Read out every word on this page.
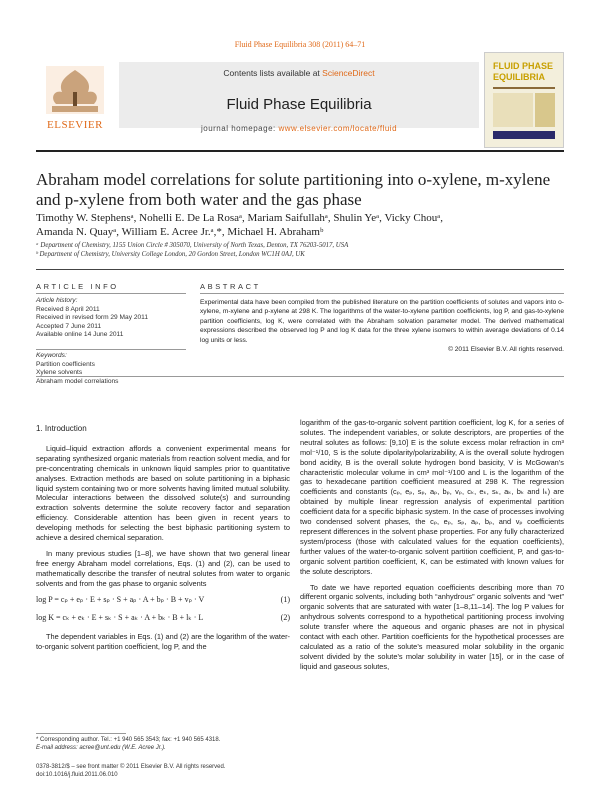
Fluid Phase Equilibria 308 (2011) 64–71
ELSEVIER
Contents lists available at ScienceDirect
Fluid Phase Equilibria
journal homepage: www.elsevier.com/locate/fluid
FLUID PHASE
EQUILIBRIA
Abraham model correlations for solute partitioning into o-xylene, m-xylene and p-xylene from both water and the gas phase
Timothy W. Stephensᵃ, Nohelli E. De La Rosaᵃ, Mariam Saifullahᵃ, Shulin Yeᵃ, Vicky Chouᵃ,
Amanda N. Quayᵃ, William E. Acree Jr.ᵃ,*, Michael H. Abrahamᵇ
ᵃ Department of Chemistry, 1155 Union Circle # 305070, University of North Texas, Denton, TX 76203-5017, USA
ᵇ Department of Chemistry, University College London, 20 Gordon Street, London WC1H 0AJ, UK
ARTICLE INFO
Article history:
Received 8 April 2011
Received in revised form 29 May 2011
Accepted 7 June 2011
Available online 14 June 2011
Keywords:
Partition coefficients
Xylene solvents
Abraham model correlations
ABSTRACT
Experimental data have been compiled from the published literature on the partition coefficients of solutes and vapors into o-xylene, m-xylene and p-xylene at 298 K. The logarithms of the water-to-xylene partition coefficients, log P, and gas-to-xylene partition coefficients, log K, were correlated with the Abraham solvation parameter model. The derived mathematical expressions described the observed log P and log K data for the three xylene isomers to within average deviations of 0.14 log units or less.
© 2011 Elsevier B.V. All rights reserved.
1. Introduction

Liquid–liquid extraction affords a convenient experimental means for separating synthesized organic materials from reaction solvent media, and for pre-concentrating chemicals in unknown liquid samples prior to quantitative analyses. Extraction methods are based on solute partitioning in a biphasic liquid system containing two or more solvents having limited mutual solubility. Molecular interactions between the dissolved solute(s) and surrounding extraction solvents determine the solute recovery factor and separation efficiency. Considerable attention has been given in recent years to developing methods for selecting the best biphasic partitioning system to achieve a desired chemical separation.

In many previous studies [1–8], we have shown that two general linear free energy Abraham model correlations, Eqs. (1) and (2), can be used to mathematically describe the transfer of neutral solutes from water to organic solvents and from the gas phase to organic solvents

log P = cₚ + eₚ · E + sₚ · S + aₚ · A + bₚ · B + vₚ · V	(1)
log K = cₖ + eₖ · E + sₖ · S + aₖ · A + bₖ · B + lₖ · L	(2)

The dependent variables in Eqs. (1) and (2) are the logarithm of the water-to-organic solvent partition coefficient, log P, and the

logarithm of the gas-to-organic solvent partition coefficient, log K, for a series of solutes. The independent variables, or solute descriptors, are properties of the neutral solutes as follows: [9,10] E is the solute excess molar refraction in cm³ mol⁻¹/10, S is the solute dipolarity/polarizability, A is the overall solute hydrogen bond acidity, B is the overall solute hydrogen bond basicity, V is McGowan’s characteristic molecular volume in cm³ mol⁻¹/100 and L is the logarithm of the gas to hexadecane partition coefficient measured at 298 K. The regression coefficients and constants (cₚ, eₚ, sₚ, aₚ, bₚ, vₚ, cₖ, eₖ, sₖ, aₖ, bₖ and lₖ) are obtained by multiple linear regression analysis of experimental partition coefficient data for a specific biphasic system. In the case of processes involving two condensed solvent phases, the cₚ, eₚ, sₚ, aₚ, bₚ, and vₚ coefficients represent differences in the solvent phase properties. For any fully characterized system/process (those with calculated values for the equation coefficients), further values of the water-to-organic solvent partition coefficient, P, and gas-to-organic solvent partition coefficient, K, can be estimated with known values for the solute descriptors.

To date we have reported equation coefficients describing more than 70 different organic solvents, including both “anhydrous” organic solvents and “wet” organic solvents that are saturated with water [1–8,11–14]. The log P values for anhydrous solvents correspond to a hypothetical partitioning process involving solute transfer where the aqueous and organic phases are not in physical contact with each other. Partition coefficients for the hypothetical processes are calculated as a ratio of the solute’s measured molar solubility in the organic solvent divided by the solute’s molar solubility in water [15], or in the case of liquid and gaseous solutes,

* Corresponding author. Tel.: +1 940 565 3543; fax: +1 940 565 4318.
E-mail address: acree@unt.edu (W.E. Acree Jr.).
0378-3812/$ – see front matter © 2011 Elsevier B.V. All rights reserved.
doi:10.1016/j.fluid.2011.06.010
